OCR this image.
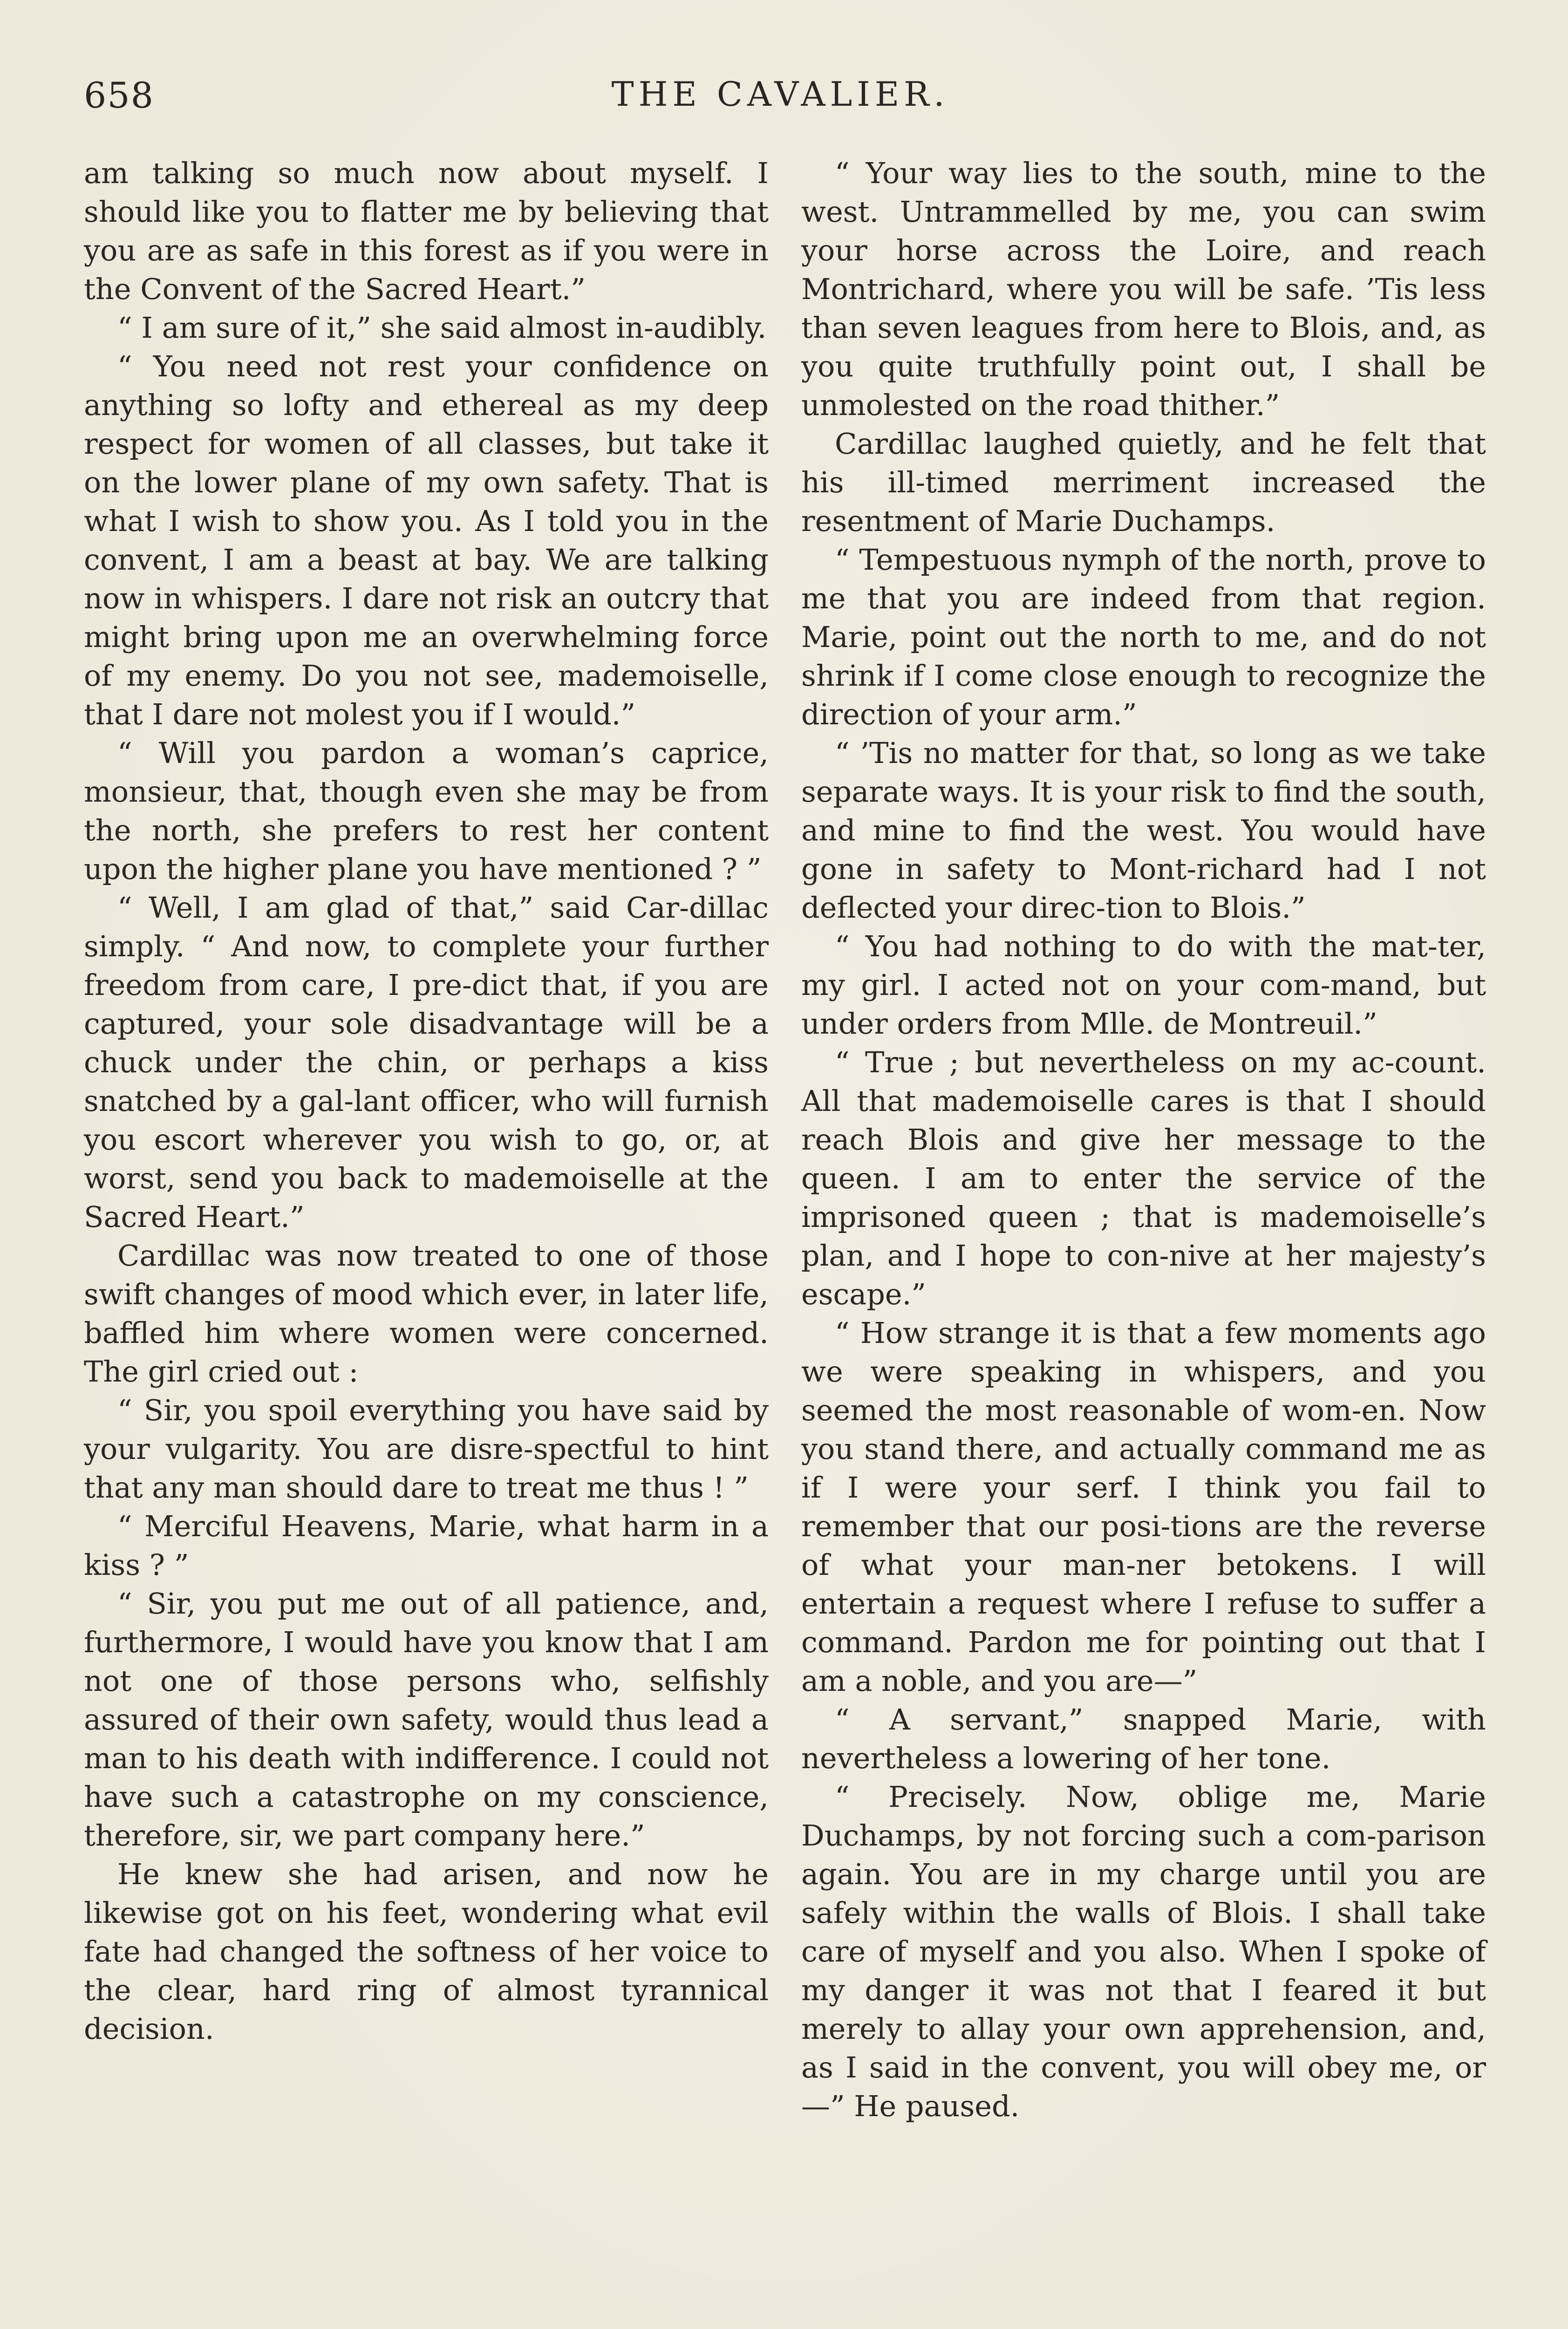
658	THE CAVALIER.

am talking so much now about myself. I should like you to flatter me by believing that you are as safe in this forest as if you were in the Convent of the Sacred Heart.”

“ I am sure of it,” she said almost in-audibly.

“ You need not rest your confidence on anything so lofty and ethereal as my deep respect for women of all classes, but take it on the lower plane of my own safety. That is what I wish to show you. As I told you in the convent, I am a beast at bay. We are talking now in whispers. I dare not risk an outcry that might bring upon me an overwhelming force of my enemy. Do you not see, mademoiselle, that I dare not molest you if I would.”

“ Will you pardon a woman’s caprice, monsieur, that, though even she may be from the north, she prefers to rest her content upon the higher plane you have mentioned ? ”

“ Well, I am glad of that,” said Car-dillac simply. “ And now, to complete your further freedom from care, I pre-dict that, if you are captured, your sole disadvantage will be a chuck under the chin, or perhaps a kiss snatched by a gal-lant officer, who will furnish you escort wherever you wish to go, or, at worst, send you back to mademoiselle at the Sacred Heart.”

Cardillac was now treated to one of those swift changes of mood which ever, in later life, baffled him where women were concerned. The girl cried out :

“ Sir, you spoil everything you have said by your vulgarity. You are disre-spectful to hint that any man should dare to treat me thus ! ”

“ Merciful Heavens, Marie, what harm in a kiss ? ”

“ Sir, you put me out of all patience, and, furthermore, I would have you know that I am not one of those persons who, selfishly assured of their own safety, would thus lead a man to his death with indifference. I could not have such a catastrophe on my conscience, therefore, sir, we part company here.”

He knew she had arisen, and now he likewise got on his feet, wondering what evil fate had changed the softness of her voice to the clear, hard ring of almost tyrannical decision.

“ Your way lies to the south, mine to the west. Untrammelled by me, you can swim your horse across the Loire, and reach Montrichard, where you will be safe. ’Tis less than seven leagues from here to Blois, and, as you quite truthfully point out, I shall be unmolested on the road thither.”

Cardillac laughed quietly, and he felt that his ill-timed merriment increased the resentment of Marie Duchamps.

“ Tempestuous nymph of the north, prove to me that you are indeed from that region. Marie, point out the north to me, and do not shrink if I come close enough to recognize the direction of your arm.”

“ ’Tis no matter for that, so long as we take separate ways. It is your risk to find the south, and mine to find the west. You would have gone in safety to Mont-richard had I not deflected your direc-tion to Blois.”

“ You had nothing to do with the mat-ter, my girl. I acted not on your com-mand, but under orders from Mlle. de Montreuil.”

“ True ; but nevertheless on my ac-count. All that mademoiselle cares is that I should reach Blois and give her message to the queen. I am to enter the service of the imprisoned queen ; that is mademoiselle’s plan, and I hope to con-nive at her majesty’s escape.”

“ How strange it is that a few moments ago we were speaking in whispers, and you seemed the most reasonable of wom-en. Now you stand there, and actually command me as if I were your serf. I think you fail to remember that our posi-tions are the reverse of what your man-ner betokens. I will entertain a request where I refuse to suffer a command. Pardon me for pointing out that I am a noble, and you are—”

“ A servant,” snapped Marie, with nevertheless a lowering of her tone.

“ Precisely. Now, oblige me, Marie Duchamps, by not forcing such a com-parison again. You are in my charge until you are safely within the walls of Blois. I shall take care of myself and you also. When I spoke of my danger it was not that I feared it but merely to allay your own apprehension, and, as I said in the convent, you will obey me, or—” He paused.
